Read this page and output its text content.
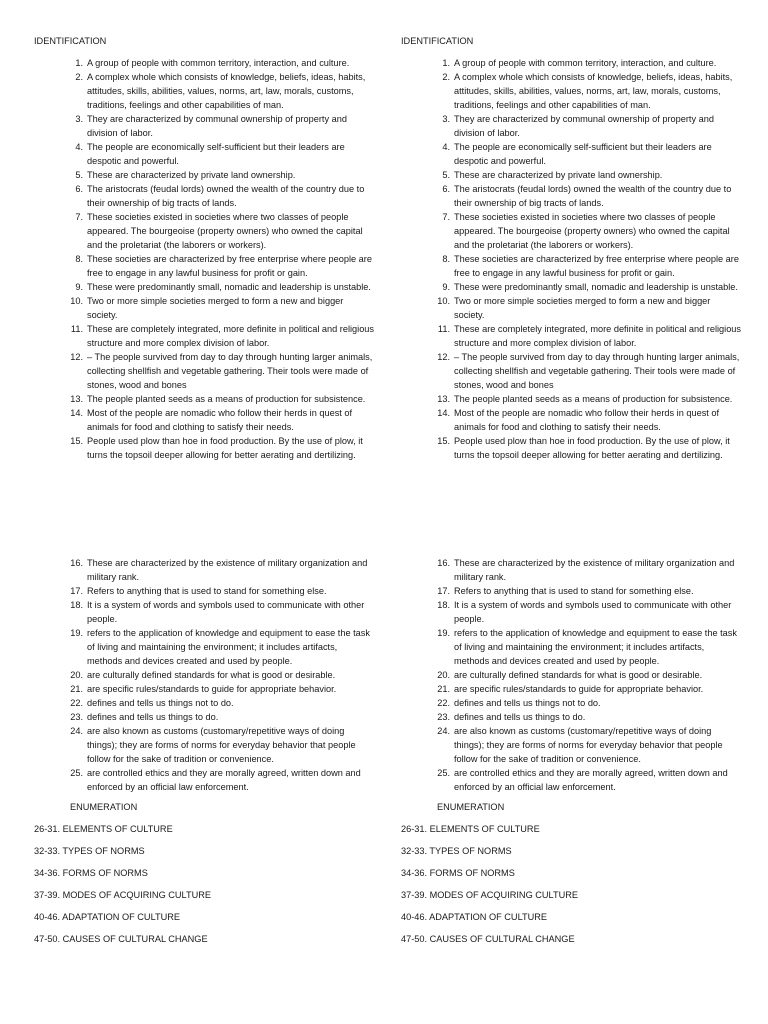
IDENTIFICATION
1. A group of people with common territory, interaction, and culture.
2. A complex whole which consists of knowledge, beliefs, ideas, habits, attitudes, skills, abilities, values, norms, art, law, morals, customs, traditions, feelings and other capabilities of man.
3. They are characterized by communal ownership of property and division of labor.
4. The people are economically self-sufficient but their leaders are despotic and powerful.
5. These are characterized by private land ownership.
6. The aristocrats (feudal lords) owned the wealth of the country due to their ownership of big tracts of lands.
7. These societies existed in societies where two classes of people appeared. The bourgeoise (property owners) who owned the capital and the proletariat (the laborers or workers).
8. These societies are characterized by free enterprise where people are free to engage in any lawful business for profit or gain.
9. These were predominantly small, nomadic and leadership is unstable.
10. Two or more simple societies merged to form a new and bigger society.
11. These are completely integrated, more definite in political and religious structure and more complex division of labor.
12. – The people survived from day to day through hunting larger animals, collecting shellfish and vegetable gathering. Their tools were made of stones, wood and bones
13. The people planted seeds as a means of production for subsistence.
14. Most of the people are nomadic who follow their herds in quest of animals for food and clothing to satisfy their needs.
15. People used plow than hoe in food production. By the use of plow, it turns the topsoil deeper allowing for better aerating and dertilizing.
16. These are characterized by the existence of military organization and military rank.
17. Refers to anything that is used to stand for something else.
18. It is a system of words and symbols used to communicate with other people.
19. refers to the application of knowledge and equipment to ease the task of living and maintaining the environment; it includes artifacts, methods and devices created and used by people.
20. are culturally defined standards for what is good or desirable.
21. are specific rules/standards to guide for appropriate behavior.
22. defines and tells us things not to do.
23. defines and tells us things to do.
24. are also known as customs (customary/repetitive ways of doing things); they are forms of norms for everyday behavior that people follow for the sake of tradition or convenience.
25. are controlled ethics and they are morally agreed, written down and enforced by an official law enforcement.
ENUMERATION
26-31. ELEMENTS OF CULTURE
32-33. TYPES OF NORMS
34-36. FORMS OF NORMS
37-39. MODES OF ACQUIRING CULTURE
40-46. ADAPTATION OF CULTURE
47-50. CAUSES OF CULTURAL CHANGE
IDENTIFICATION
1. A group of people with common territory, interaction, and culture.
2. A complex whole which consists of knowledge, beliefs, ideas, habits, attitudes, skills, abilities, values, norms, art, law, morals, customs, traditions, feelings and other capabilities of man.
3. They are characterized by communal ownership of property and division of labor.
4. The people are economically self-sufficient but their leaders are despotic and powerful.
5. These are characterized by private land ownership.
6. The aristocrats (feudal lords) owned the wealth of the country due to their ownership of big tracts of lands.
7. These societies existed in societies where two classes of people appeared. The bourgeoise (property owners) who owned the capital and the proletariat (the laborers or workers).
8. These societies are characterized by free enterprise where people are free to engage in any lawful business for profit or gain.
9. These were predominantly small, nomadic and leadership is unstable.
10. Two or more simple societies merged to form a new and bigger society.
11. These are completely integrated, more definite in political and religious structure and more complex division of labor.
12. – The people survived from day to day through hunting larger animals, collecting shellfish and vegetable gathering. Their tools were made of stones, wood and bones
13. The people planted seeds as a means of production for subsistence.
14. Most of the people are nomadic who follow their herds in quest of animals for food and clothing to satisfy their needs.
15. People used plow than hoe in food production. By the use of plow, it turns the topsoil deeper allowing for better aerating and dertilizing.
16. These are characterized by the existence of military organization and military rank.
17. Refers to anything that is used to stand for something else.
18. It is a system of words and symbols used to communicate with other people.
19. refers to the application of knowledge and equipment to ease the task of living and maintaining the environment; it includes artifacts, methods and devices created and used by people.
20. are culturally defined standards for what is good or desirable.
21. are specific rules/standards to guide for appropriate behavior.
22. defines and tells us things not to do.
23. defines and tells us things to do.
24. are also known as customs (customary/repetitive ways of doing things); they are forms of norms for everyday behavior that people follow for the sake of tradition or convenience.
25. are controlled ethics and they are morally agreed, written down and enforced by an official law enforcement.
ENUMERATION
26-31. ELEMENTS OF CULTURE
32-33. TYPES OF NORMS
34-36. FORMS OF NORMS
37-39. MODES OF ACQUIRING CULTURE
40-46. ADAPTATION OF CULTURE
47-50. CAUSES OF CULTURAL CHANGE
